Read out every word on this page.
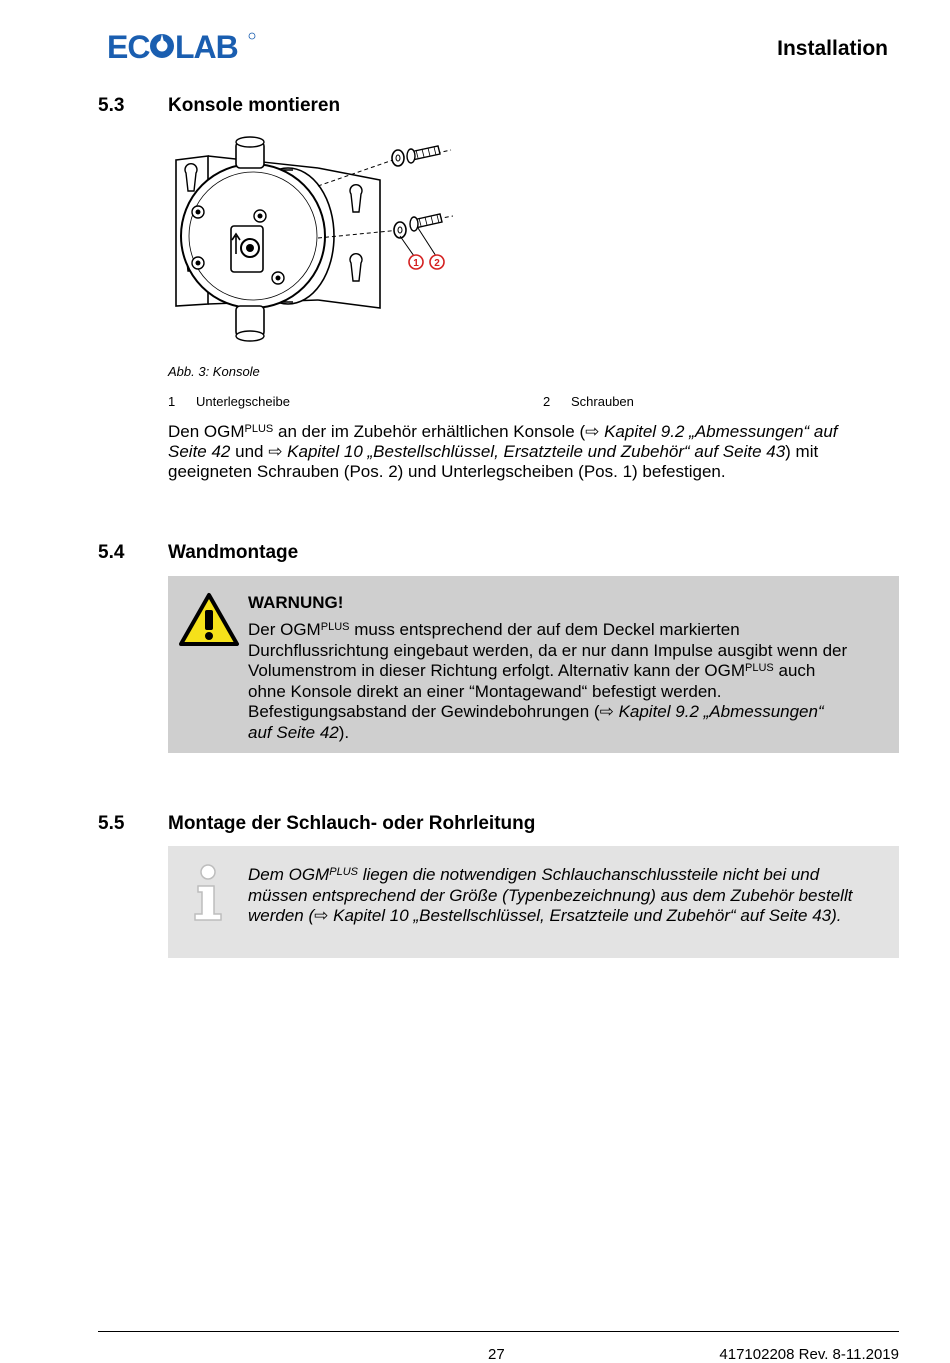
EC LAB	Installation
5.3 Konsole montieren
1 2
Abb. 3: Konsole
1 Unterlegscheibe	2 Schrauben
Den $OGM^{PLUS}$ an der im Zubehör erhältlichen Konsole (⇨ Kapitel 9.2 „Abmessungen“ auf Seite 42 und ⇨ Kapitel 10 „Bestellschlüssel, Ersatzteile und Zubehör“ auf Seite 43) mit geeigneten Schrauben (Pos. 2) und Unterlegscheiben (Pos. 1) befestigen.
5.4 Wandmontage
WARNUNG!
Der $OGM^{PLUS}$ muss entsprechend der auf dem Deckel markierten Durchflussrichtung eingebaut werden, da er nur dann Impulse ausgibt wenn der Volumenstrom in dieser Richtung erfolgt. Alternativ kann der $OGM^{PLUS}$ auch ohne Konsole direkt an einer “Montagewand“ befestigt werden. Befestigungsabstand der Gewindebohrungen (⇨ Kapitel 9.2 „Abmessungen“ auf Seite 42).
5.5 Montage der Schlauch- oder Rohrleitung
Dem $OGM^{PLUS}$ liegen die notwendigen Schlauchanschlussteile nicht bei und müssen entsprechend der Größe (Typenbezeichnung) aus dem Zubehör bestellt werden (⇨ Kapitel 10 „Bestellschlüssel, Ersatzteile und Zubehör“ auf Seite 43).
27	417102208 Rev. 8-11.2019
